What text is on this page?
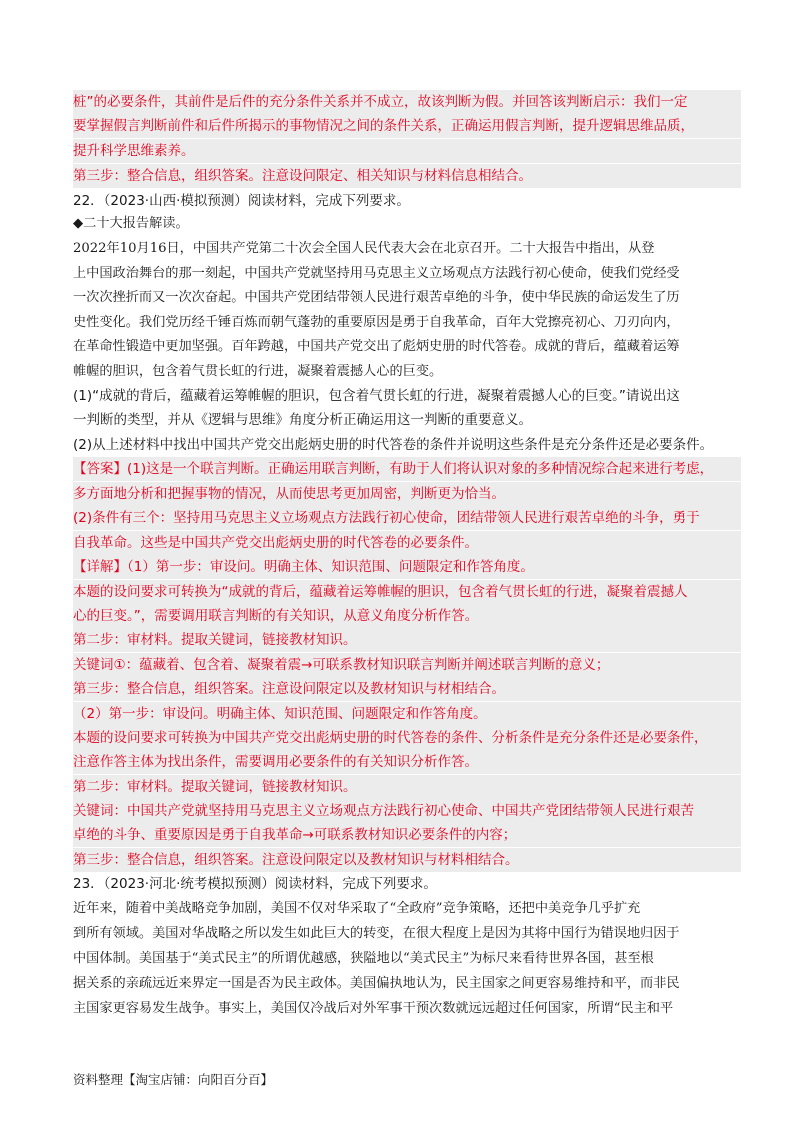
桩”的必要条件，其前件是后件的充分条件关系并不成立，故该判断为假。并回答该判断启示：我们一定
要掌握假言判断前件和后件所揭示的事物情况之间的条件关系，正确运用假言判断，提升逻辑思维品质，
提升科学思维素养。
第三步：整合信息，组织答案。注意设问限定、相关知识与材料信息相结合。
22．（2023·山西·模拟预测）阅读材料，完成下列要求。
◆二十大报告解读。
2022年10月16日，中国共产党第二十次会全国人民代表大会在北京召开。二十大报告中指出，从登
上中国政治舞台的那一刻起，中国共产党就坚持用马克思主义立场观点方法践行初心使命，使我们党经受
一次次挫折而又一次次奋起。中国共产党团结带领人民进行艰苦卓绝的斗争，使中华民族的命运发生了历
史性变化。我们党历经千锤百炼而朝气蓬勃的重要原因是勇于自我革命，百年大党擦亮初心、刀刃向内，
在革命性锻造中更加坚强。百年跨越，中国共产党交出了彪炳史册的时代答卷。成就的背后，蕴藏着运筹
帷幄的胆识，包含着气贯长虹的行进，凝聚着震撼人心的巨变。
(1)“成就的背后，蕴藏着运筹帷幄的胆识，包含着气贯长虹的行进，凝聚着震撼人心的巨变。”请说出这
一判断的类型，并从《逻辑与思维》角度分析正确运用这一判断的重要意义。
(2)从上述材料中找出中国共产党交出彪炳史册的时代答卷的条件并说明这些条件是充分条件还是必要条件。
【答案】(1)这是一个联言判断。正确运用联言判断，有助于人们将认识对象的多种情况综合起来进行考虑，
多方面地分析和把握事物的情况，从而使思考更加周密，判断更为恰当。
(2)条件有三个：坚持用马克思主义立场观点方法践行初心使命，团结带领人民进行艰苦卓绝的斗争，勇于
自我革命。这些是中国共产党交出彪炳史册的时代答卷的必要条件。
【详解】（1）第一步：审设问。明确主体、知识范围、问题限定和作答角度。
本题的设问要求可转换为“成就的背后，蕴藏着运筹帷幄的胆识，包含着气贯长虹的行进，凝聚着震撼人
心的巨变。”，需要调用联言判断的有关知识，从意义角度分析作答。
第二步：审材料。提取关键词，链接教材知识。
关键词①：蕴藏着、包含着、凝聚着震→可联系教材知识联言判断并阐述联言判断的意义；
第三步：整合信息，组织答案。注意设问限定以及教材知识与材相结合。
（2）第一步：审设问。明确主体、知识范围、问题限定和作答角度。
本题的设问要求可转换为中国共产党交出彪炳史册的时代答卷的条件、分析条件是充分条件还是必要条件，
注意作答主体为找出条件，需要调用必要条件的有关知识分析作答。
第二步：审材料。提取关键词，链接教材知识。
关键词：中国共产党就坚持用马克思主义立场观点方法践行初心使命、中国共产党团结带领人民进行艰苦
卓绝的斗争、重要原因是勇于自我革命→可联系教材知识必要条件的内容；
第三步：整合信息，组织答案。注意设问限定以及教材知识与材料相结合。
23．（2023·河北·统考模拟预测）阅读材料，完成下列要求。
近年来，随着中美战略竞争加剧，美国不仅对华采取了“全政府”竞争策略，还把中美竞争几乎扩充
到所有领域。美国对华战略之所以发生如此巨大的转变，在很大程度上是因为其将中国行为错误地归因于
中国体制。美国基于“美式民主”的所谓优越感，狭隘地以“美式民主”为标尺来看待世界各国，甚至根
据关系的亲疏远近来界定一国是否为民主政体。美国偏执地认为，民主国家之间更容易维持和平，而非民
主国家更容易发生战争。事实上，美国仅冷战后对外军事干预次数就远远超过任何国家，所谓“民主和平
资料整理【淘宝店铺：向阳百分百】
